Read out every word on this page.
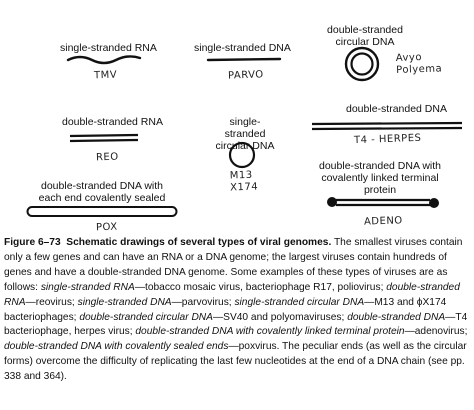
single-stranded RNA	single-stranded DNA
double-stranded circular DNA
double-stranded RNA	single-stranded circular DNA
double-stranded DNA
double-stranded DNA with each end covalently sealed
double-stranded DNA with covalently linked terminal protein
TMV	PARVO
Avyo Polyema
REO
M13 X174
T4 - HERPES
POX	ADENO
Figure 6–73 Schematic drawings of several types of viral genomes. The smallest viruses contain only a few genes and can have an RNA or a DNA genome; the largest viruses contain hundreds of genes and have a double-stranded DNA genome. Some examples of these types of viruses are as follows: single-stranded RNA—tobacco mosaic virus, bacteriophage R17, poliovirus; double-stranded RNA—reovirus; single-stranded DNA—parvovirus; single-stranded circular DNA—M13 and ϕX174 bacteriophages; double-stranded circular DNA—SV40 and polyomaviruses; double-stranded DNA—T4 bacteriophage, herpes virus; double-stranded DNA with covalently linked terminal protein—adenovirus; double-stranded DNA with covalently sealed ends—poxvirus. The peculiar ends (as well as the circular forms) overcome the difficulty of replicating the last few nucleotides at the end of a DNA chain (see pp. 338 and 364).
